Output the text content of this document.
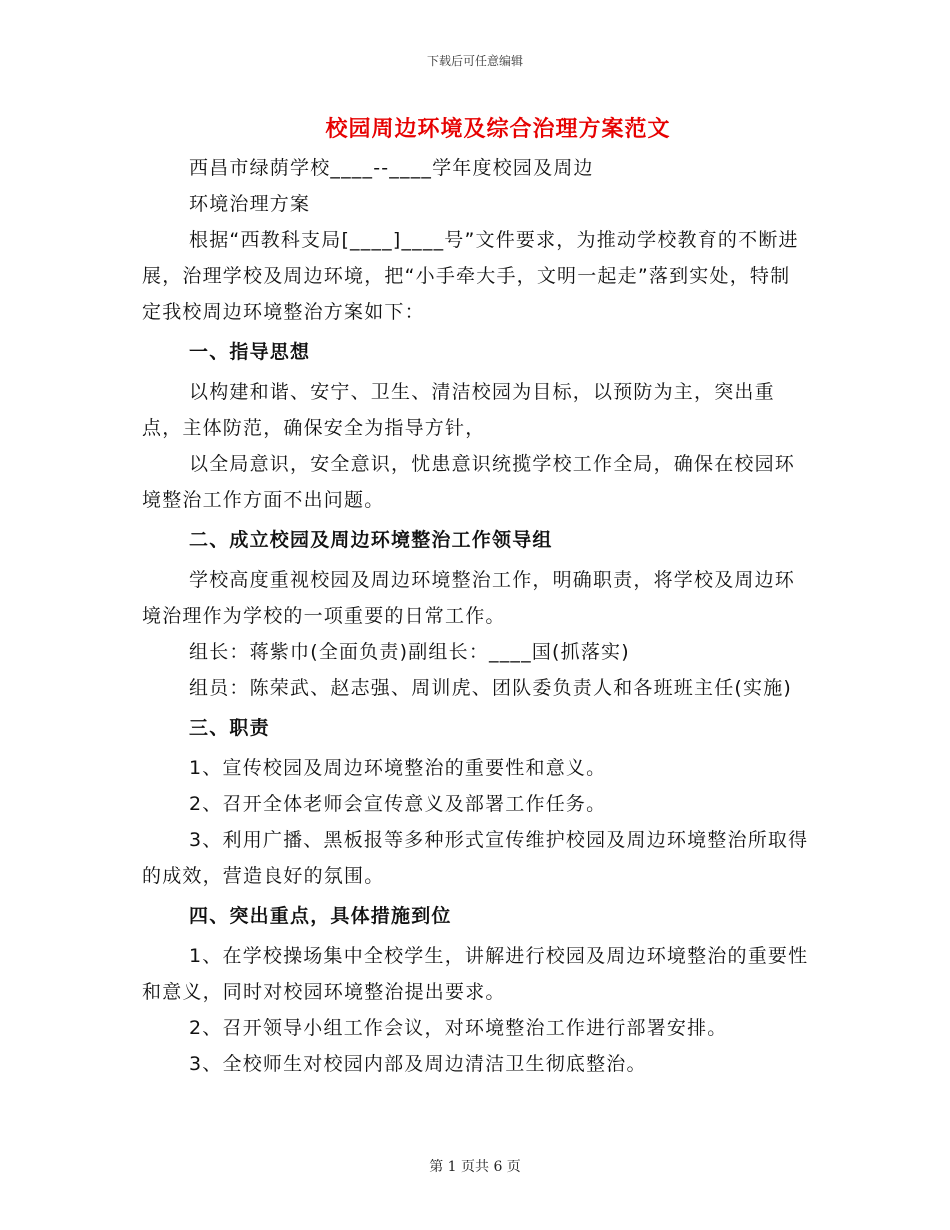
下载后可任意编辑
校园周边环境及综合治理方案范文

西昌市绿荫学校____--____学年度校园及周边

环境治理方案

根据“西教科支局[____]____号”文件要求，为推动学校教育的不断进展，治理学校及周边环境，把“小手牵大手，文明一起走”落到实处，特制定我校周边环境整治方案如下：

一、指导思想

以构建和谐、安宁、卫生、清洁校园为目标，以预防为主，突出重点，主体防范，确保安全为指导方针，

以全局意识，安全意识，忧患意识统揽学校工作全局，确保在校园环境整治工作方面不出问题。

二、成立校园及周边环境整治工作领导组

学校高度重视校园及周边环境整治工作，明确职责，将学校及周边环境治理作为学校的一项重要的日常工作。

组长：蒋紫巾(全面负责)副组长：____国(抓落实)

组员：陈荣武、赵志强、周训虎、团队委负责人和各班班主任(实施)

三、职责

1、宣传校园及周边环境整治的重要性和意义。

2、召开全体老师会宣传意义及部署工作任务。

3、利用广播、黑板报等多种形式宣传维护校园及周边环境整治所取得的成效，营造良好的氛围。

四、突出重点，具体措施到位

1、在学校操场集中全校学生，讲解进行校园及周边环境整治的重要性和意义，同时对校园环境整治提出要求。

2、召开领导小组工作会议，对环境整治工作进行部署安排。

3、全校师生对校园内部及周边清洁卫生彻底整治。

第 1 页共 6 页
